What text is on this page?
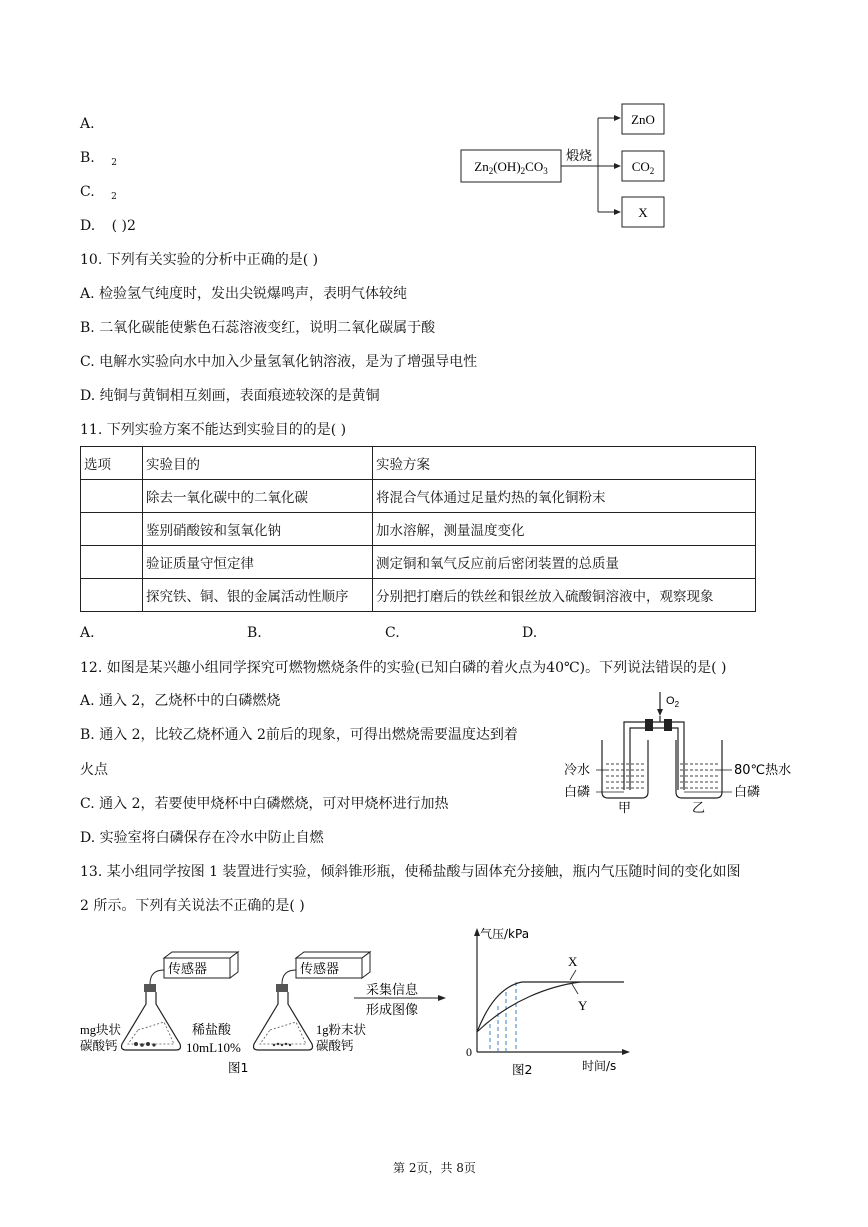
A.
B. $_2$
C. $_2$
D. ( )2
$Zn_2(OH)_2CO_3$
煅烧
ZnO
$CO_2$
X
10. 下列有关实验的分析中正确的是( )
A. 检验氢气纯度时，发出尖锐爆鸣声，表明气体较纯
B. 二氧化碳能使紫色石蕊溶液变红，说明二氧化碳属于酸
C. 电解水实验向水中加入少量氢氧化钠溶液，是为了增强导电性
D. 纯铜与黄铜相互刻画，表面痕迹较深的是黄铜
11. 下列实验方案不能达到实验目的的是( )
选项	实验目的	实验方案
	除去一氧化碳中的二氧化碳	将混合气体通过足量灼热的氧化铜粉末
	鉴别硝酸铵和氢氧化钠	加水溶解，测量温度变化
	验证质量守恒定律	测定铜和氧气反应前后密闭装置的总质量
	探究铁、铜、银的金属活动性顺序	分别把打磨后的铁丝和银丝放入硫酸铜溶液中，观察现象
A.	B.	C.	D.
12. 如图是某兴趣小组同学探究可燃物燃烧条件的实验(已知白磷的着火点为40℃)。下列说法错误的是( )
A. 通入 2，乙烧杯中的白磷燃烧
B. 通入 2，比较乙烧杯通入 2前后的现象，可得出燃烧需要温度达到着
火点
C. 通入 2，若要使甲烧杯中白磷燃烧，可对甲烧杯进行加热
D. 实验室将白磷保存在冷水中防止自燃
$O_2$
冷水
白磷
甲
80℃热水
白磷
乙
13. 某小组同学按图 1 装置进行实验，倾斜锥形瓶，使稀盐酸与固体充分接触，瓶内气压随时间的变化如图
2 所示。下列有关说法不正确的是( )
传感器
mg块状
碳酸钙
稀盐酸
10mL10%
传感器
1g粉末状
碳酸钙
采集信息
形成图像
图1
气压/kPa
时间/s
0
X
Y
图2
第 2页，共 8页
